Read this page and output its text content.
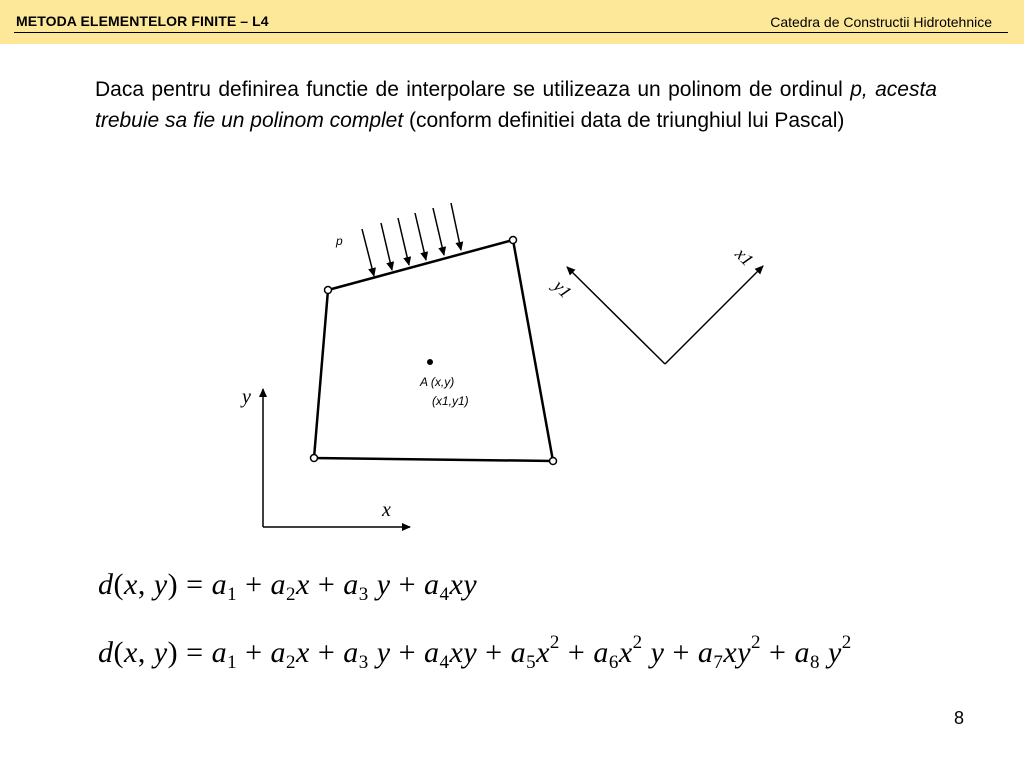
METODA ELEMENTELOR FINITE – L4	Catedra de Constructii Hidrotehnice
Daca pentru definirea functie de interpolare se utilizeaza un polinom de ordinul p, acesta trebuie sa fie un polinom complet (conform definitiei data de triunghiul lui Pascal)
p
A (x,y)
(x1,y1)
y
x
y1
x1
d(x, $y) = a_1 + a_2x + a_3$ $y + a_4xy$
d(x, $y) = a_1 + a_2x + a_3$ $y + a_4xy + a_5x^2 + a_6x^2$ $y + a_7xy^2 + a_8$ $y^2$
8
